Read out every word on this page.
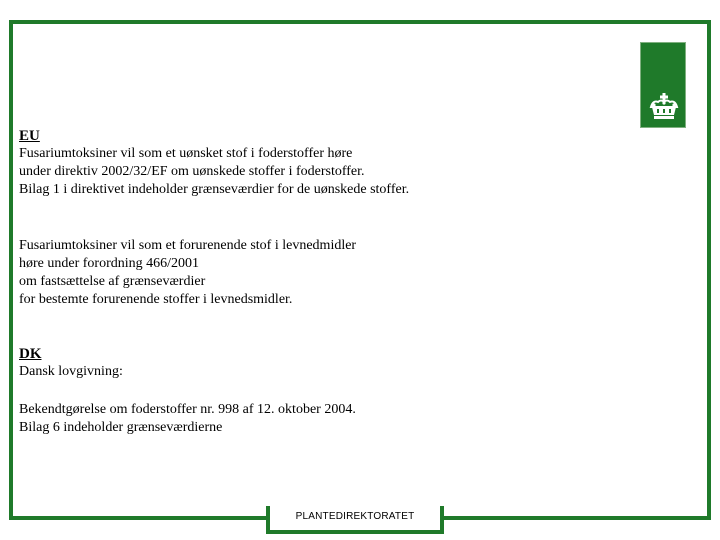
EU
Fusariumtoksiner vil som et uønsket stof i foderstoffer høre
under direktiv 2002/32/EF om uønskede stoffer i foderstoffer.
Bilag 1 i direktivet indeholder grænseværdier for de uønskede stoffer.
Fusariumtoksiner vil som et forurenende stof i levnedmidler
høre under forordning 466/2001
om fastsættelse af grænseværdier
for bestemte forurenende stoffer i levnedsmidler.
DK
Dansk lovgivning:
Bekendtgørelse om foderstoffer nr. 998 af 12. oktober 2004.
Bilag 6 indeholder grænseværdierne
PLANTEDIREKTORATET
